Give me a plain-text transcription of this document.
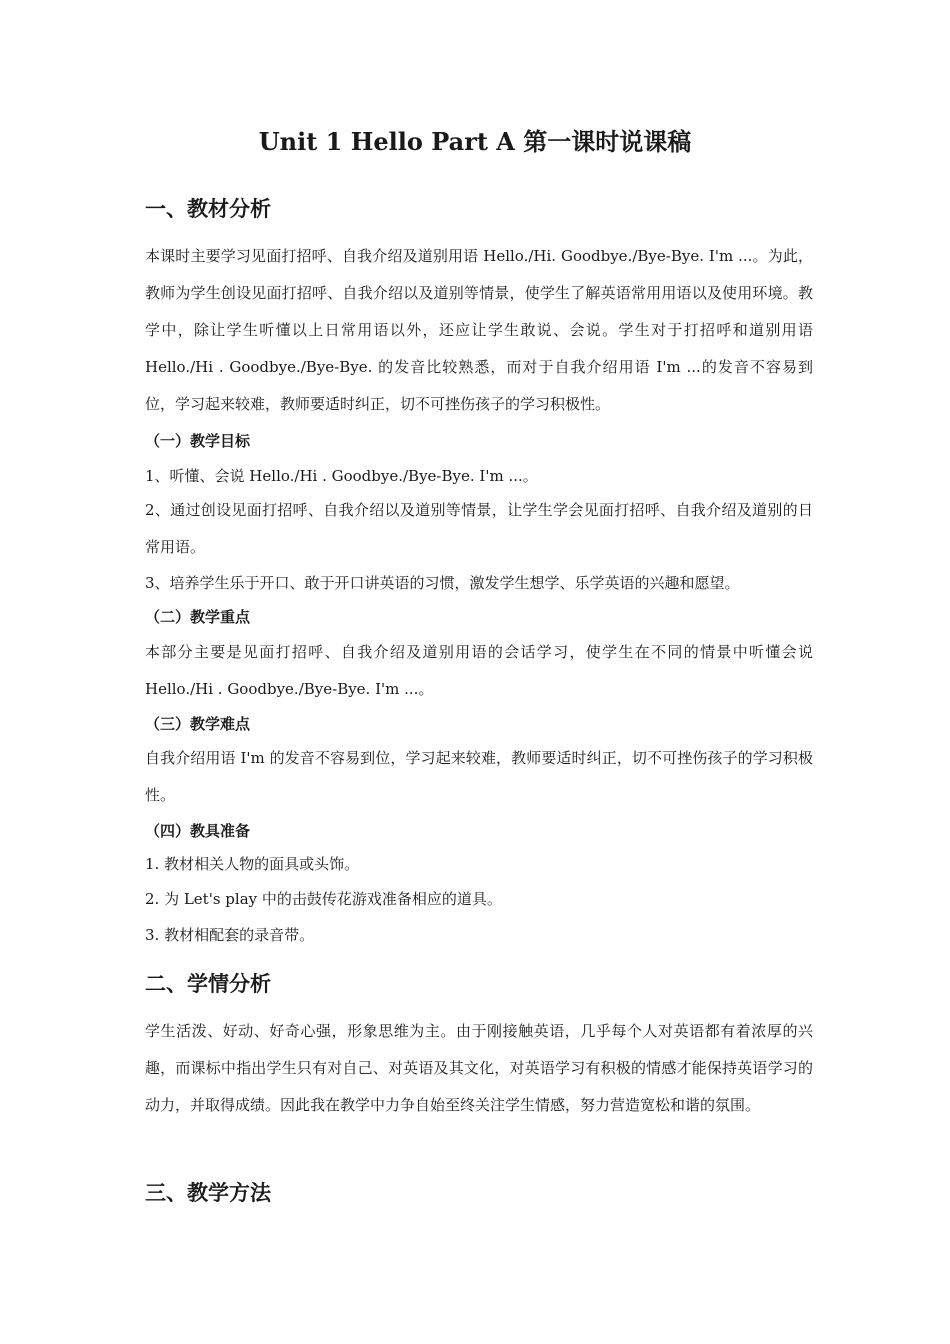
Unit 1 Hello Part A 第一课时说课稿
一、教材分析

本课时主要学习见面打招呼、自我介绍及道别用语 Hello./Hi. Goodbye./Bye-Bye. I'm ...。为此，教师为学生创设见面打招呼、自我介绍以及道别等情景，使学生了解英语常用用语以及使用环境。教学中，除让学生听懂以上日常用语以外，还应让学生敢说、会说。学生对于打招呼和道别用语 Hello./Hi . Goodbye./Bye-Bye. 的发音比较熟悉，而对于自我介绍用语 I'm ...的发音不容易到位，学习起来较难，教师要适时纠正，切不可挫伤孩子的学习积极性。

（一）教学目标

1、听懂、会说 Hello./Hi . Goodbye./Bye-Bye. I'm ...。

2、通过创设见面打招呼、自我介绍以及道别等情景，让学生学会见面打招呼、自我介绍及道别的日常用语。

3、培养学生乐于开口、敢于开口讲英语的习惯，激发学生想学、乐学英语的兴趣和愿望。

（二）教学重点

本部分主要是见面打招呼、自我介绍及道别用语的会话学习，使学生在不同的情景中听懂会说 Hello./Hi . Goodbye./Bye-Bye. I'm ...。

（三）教学难点

自我介绍用语 I'm 的发音不容易到位，学习起来较难，教师要适时纠正，切不可挫伤孩子的学习积极性。

（四）教具准备

1. 教材相关人物的面具或头饰。

2. 为 Let's play 中的击鼓传花游戏准备相应的道具。

3. 教材相配套的录音带。

二、学情分析

学生活泼、好动、好奇心强，形象思维为主。由于刚接触英语，几乎每个人对英语都有着浓厚的兴趣，而课标中指出学生只有对自己、对英语及其文化，对英语学习有积极的情感才能保持英语学习的动力，并取得成绩。因此我在教学中力争自始至终关注学生情感，努力营造宽松和谐的氛围。

三、教学方法
